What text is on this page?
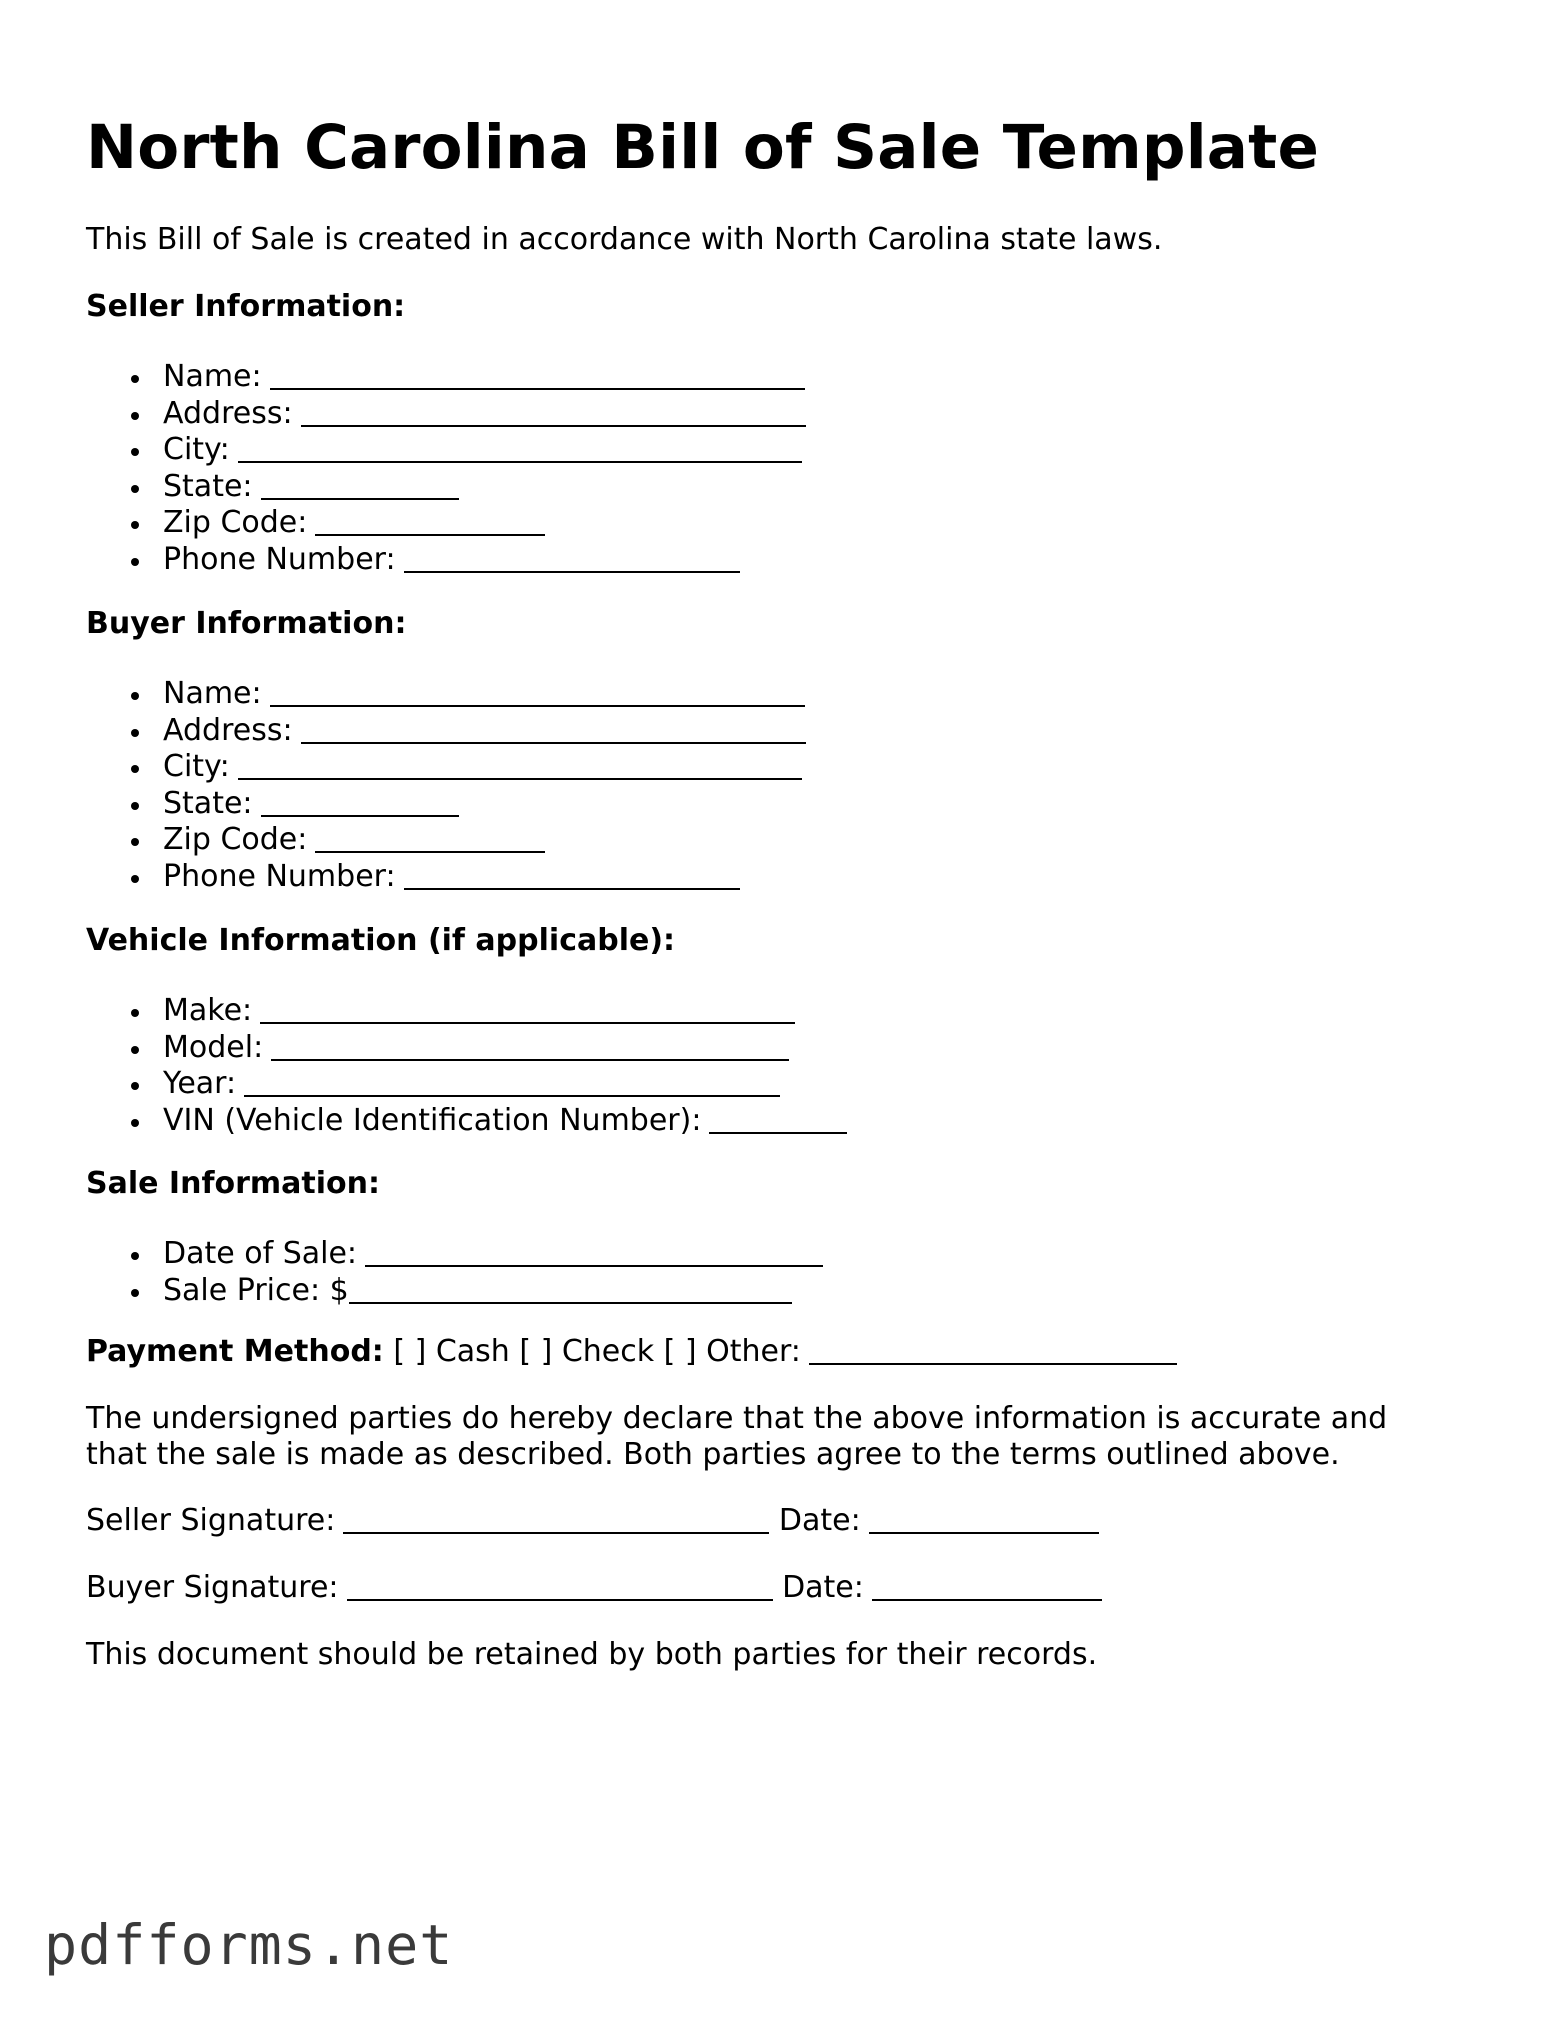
North Carolina Bill of Sale Template

This Bill of Sale is created in accordance with North Carolina state laws.

Seller Information:

Name:
Address:
City:
State:
Zip Code:
Phone Number:

Buyer Information:

Name:
Address:
City:
State:
Zip Code:
Phone Number:

Vehicle Information (if applicable):

Make:
Model:
Year:
VIN (Vehicle Identification Number):

Sale Information:

Date of Sale:
Sale Price: $

Payment Method: [ ] Cash [ ] Check [ ] Other:

The undersigned parties do hereby declare that the above information is accurate and

that the sale is made as described. Both parties agree to the terms outlined above.

Seller Signature:	Date:

Buyer Signature:	Date:

This document should be retained by both parties for their records.

pdfforms.net
